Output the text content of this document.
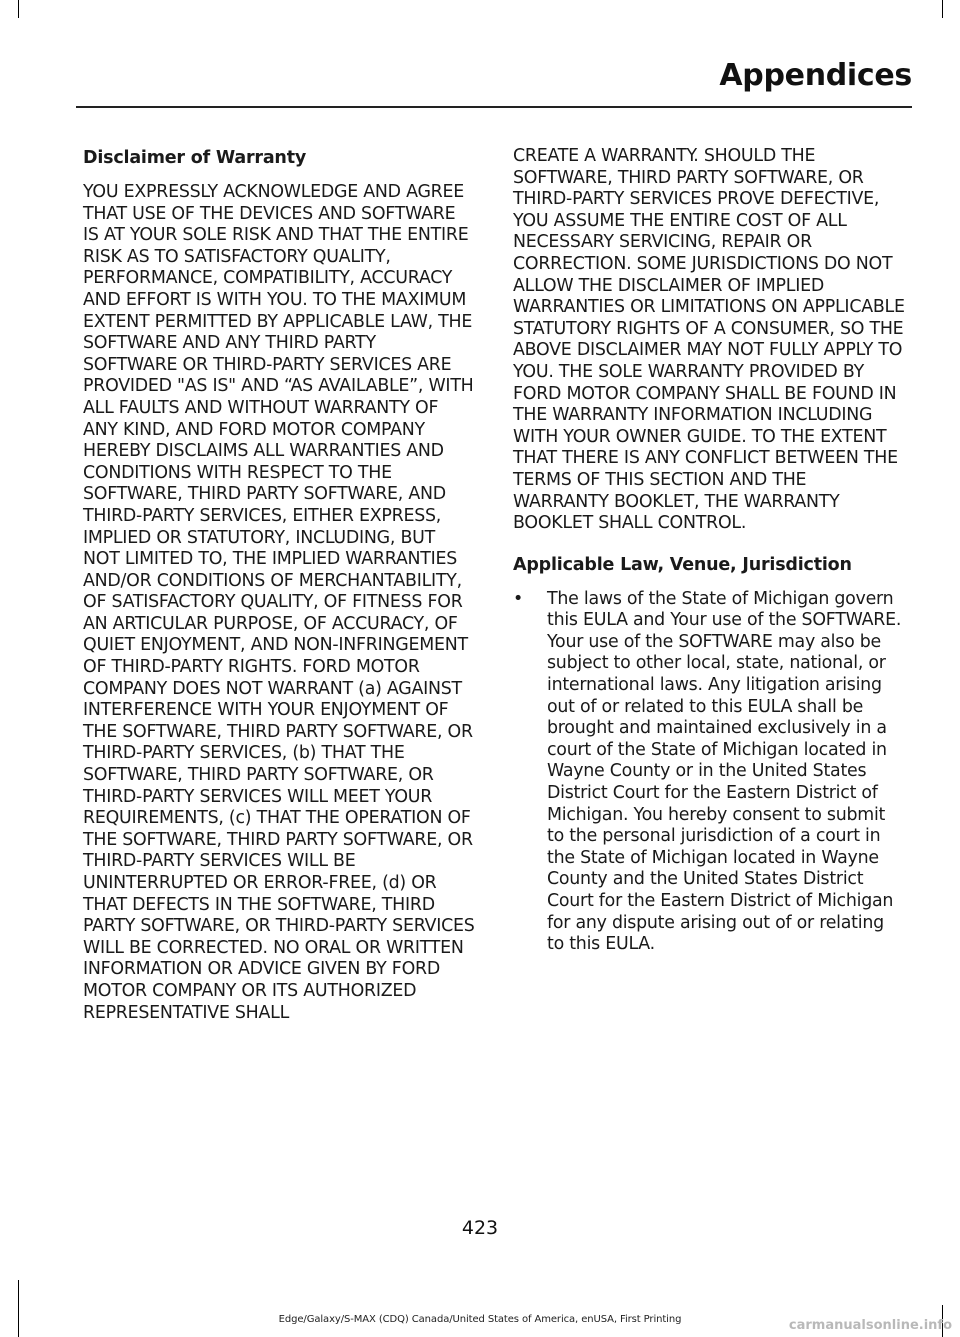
Appendices
Disclaimer of Warranty

YOU EXPRESSLY ACKNOWLEDGE AND AGREE THAT USE OF THE DEVICES AND SOFTWARE IS AT YOUR SOLE RISK AND THAT THE ENTIRE RISK AS TO SATISFACTORY QUALITY, PERFORMANCE, COMPATIBILITY, ACCURACY AND EFFORT IS WITH YOU. TO THE MAXIMUM EXTENT PERMITTED BY APPLICABLE LAW, THE SOFTWARE AND ANY THIRD PARTY SOFTWARE OR THIRD-PARTY SERVICES ARE PROVIDED "AS IS" AND “AS AVAILABLE”, WITH ALL FAULTS AND WITHOUT WARRANTY OF ANY KIND, AND FORD MOTOR COMPANY HEREBY DISCLAIMS ALL WARRANTIES AND CONDITIONS WITH RESPECT TO THE SOFTWARE, THIRD PARTY SOFTWARE, AND THIRD-PARTY SERVICES, EITHER EXPRESS, IMPLIED OR STATUTORY, INCLUDING, BUT NOT LIMITED TO, THE IMPLIED WARRANTIES AND/OR CONDITIONS OF MERCHANTABILITY, OF SATISFACTORY QUALITY, OF FITNESS FOR AN ARTICULAR PURPOSE, OF ACCURACY, OF QUIET ENJOYMENT, AND NON-INFRINGEMENT OF THIRD-PARTY RIGHTS. FORD MOTOR COMPANY DOES NOT WARRANT (a) AGAINST INTERFERENCE WITH YOUR ENJOYMENT OF THE SOFTWARE, THIRD PARTY SOFTWARE, OR THIRD-PARTY SERVICES, (b) THAT THE SOFTWARE, THIRD PARTY SOFTWARE, OR THIRD-PARTY SERVICES WILL MEET YOUR REQUIREMENTS, (c) THAT THE OPERATION OF THE SOFTWARE, THIRD PARTY SOFTWARE, OR THIRD-PARTY SERVICES WILL BE UNINTERRUPTED OR ERROR-FREE, (d) OR THAT DEFECTS IN THE SOFTWARE, THIRD PARTY SOFTWARE, OR THIRD-PARTY SERVICES WILL BE CORRECTED. NO ORAL OR WRITTEN INFORMATION OR ADVICE GIVEN BY FORD MOTOR COMPANY OR ITS AUTHORIZED REPRESENTATIVE SHALL

CREATE A WARRANTY. SHOULD THE SOFTWARE, THIRD PARTY SOFTWARE, OR THIRD-PARTY SERVICES PROVE DEFECTIVE, YOU ASSUME THE ENTIRE COST OF ALL NECESSARY SERVICING, REPAIR OR CORRECTION. SOME JURISDICTIONS DO NOT ALLOW THE DISCLAIMER OF IMPLIED WARRANTIES OR LIMITATIONS ON APPLICABLE STATUTORY RIGHTS OF A CONSUMER, SO THE ABOVE DISCLAIMER MAY NOT FULLY APPLY TO YOU. THE SOLE WARRANTY PROVIDED BY FORD MOTOR COMPANY SHALL BE FOUND IN THE WARRANTY INFORMATION INCLUDING WITH YOUR OWNER GUIDE. TO THE EXTENT THAT THERE IS ANY CONFLICT BETWEEN THE TERMS OF THIS SECTION AND THE WARRANTY BOOKLET, THE WARRANTY BOOKLET SHALL CONTROL.

Applicable Law, Venue, Jurisdiction
• The laws of the State of Michigan govern this EULA and Your use of the SOFTWARE. Your use of the SOFTWARE may also be subject to other local, state, national, or international laws. Any litigation arising out of or related to this EULA shall be brought and maintained exclusively in a court of the State of Michigan located in Wayne County or in the United States District Court for the Eastern District of Michigan. You hereby consent to submit to the personal jurisdiction of a court in the State of Michigan located in Wayne County and the United States District Court for the Eastern District of Michigan for any dispute arising out of or relating to this EULA.
423
Edge/Galaxy/S-MAX (CDQ) Canada/United States of America, enUSA, First Printing	carmanualsonline.info
